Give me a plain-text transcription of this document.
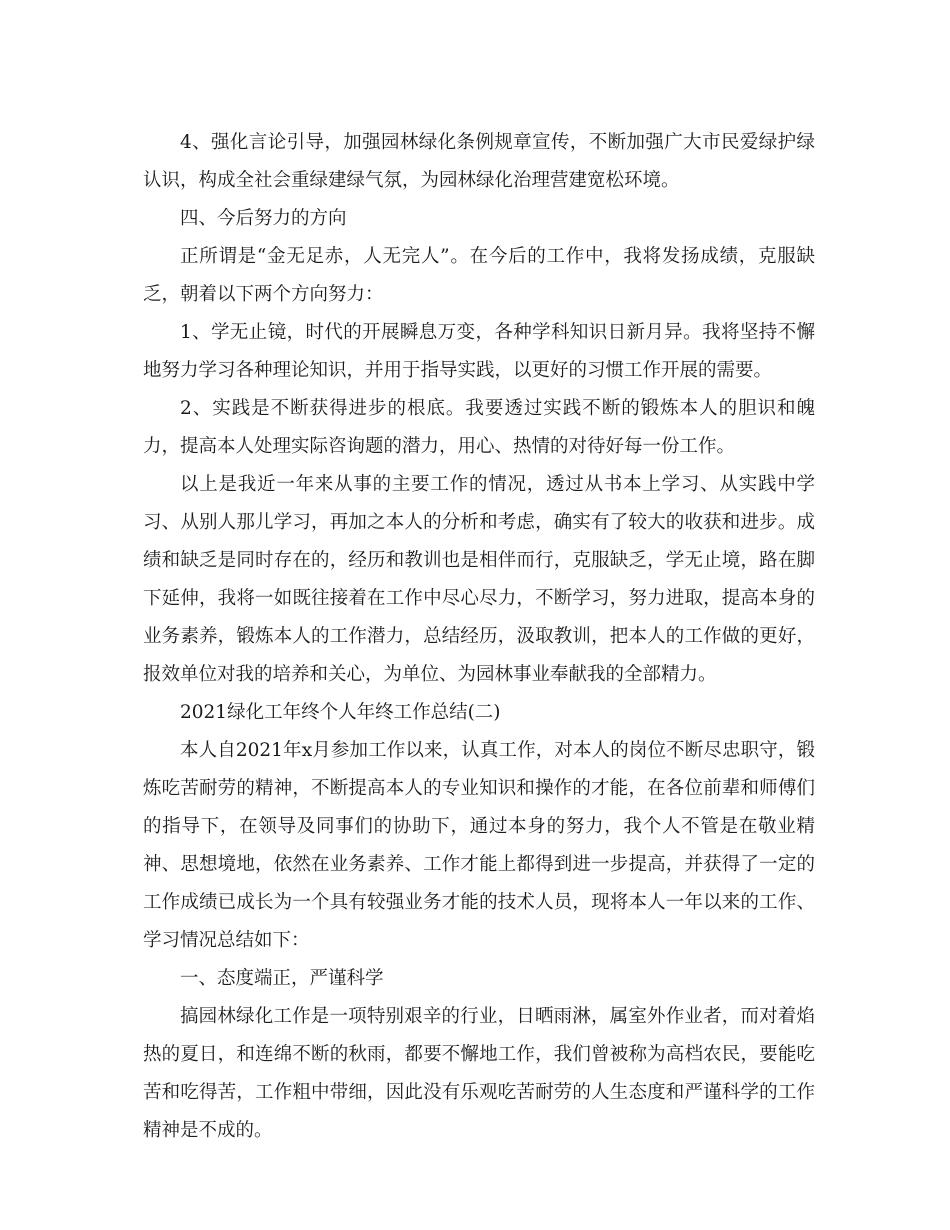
4、强化言论引导，加强园林绿化条例规章宣传，不断加强广大市民爱绿护绿认识，构成全社会重绿建绿气氛，为园林绿化治理营建宽松环境。

四、今后努力的方向

正所谓是“金无足赤，人无完人”。在今后的工作中，我将发扬成绩，克服缺乏，朝着以下两个方向努力：

1、学无止镜，时代的开展瞬息万变，各种学科知识日新月异。我将坚持不懈地努力学习各种理论知识，并用于指导实践，以更好的习惯工作开展的需要。

2、实践是不断获得进步的根底。我要透过实践不断的锻炼本人的胆识和魄力，提高本人处理实际咨询题的潜力，用心、热情的对待好每一份工作。

以上是我近一年来从事的主要工作的情况，透过从书本上学习、从实践中学习、从别人那儿学习，再加之本人的分析和考虑，确实有了较大的收获和进步。成绩和缺乏是同时存在的，经历和教训也是相伴而行，克服缺乏，学无止境，路在脚下延伸，我将一如既往接着在工作中尽心尽力，不断学习，努力进取，提高本身的业务素养，锻炼本人的工作潜力，总结经历，汲取教训，把本人的工作做的更好，报效单位对我的培养和关心，为单位、为园林事业奉献我的全部精力。

2021绿化工年终个人年终工作总结(二)

本人自2021年x月参加工作以来，认真工作，对本人的岗位不断尽忠职守，锻炼吃苦耐劳的精神，不断提高本人的专业知识和操作的才能，在各位前辈和师傅们的指导下，在领导及同事们的协助下，通过本身的努力，我个人不管是在敬业精神、思想境地，依然在业务素养、工作才能上都得到进一步提高，并获得了一定的工作成绩已成长为一个具有较强业务才能的技术人员，现将本人一年以来的工作、学习情况总结如下：

一、态度端正，严谨科学

搞园林绿化工作是一项特别艰辛的行业，日晒雨淋，属室外作业者，而对着焰热的夏日，和连绵不断的秋雨，都要不懈地工作，我们曾被称为高档农民，要能吃苦和吃得苦，工作粗中带细，因此没有乐观吃苦耐劳的人生态度和严谨科学的工作精神是不成的。
